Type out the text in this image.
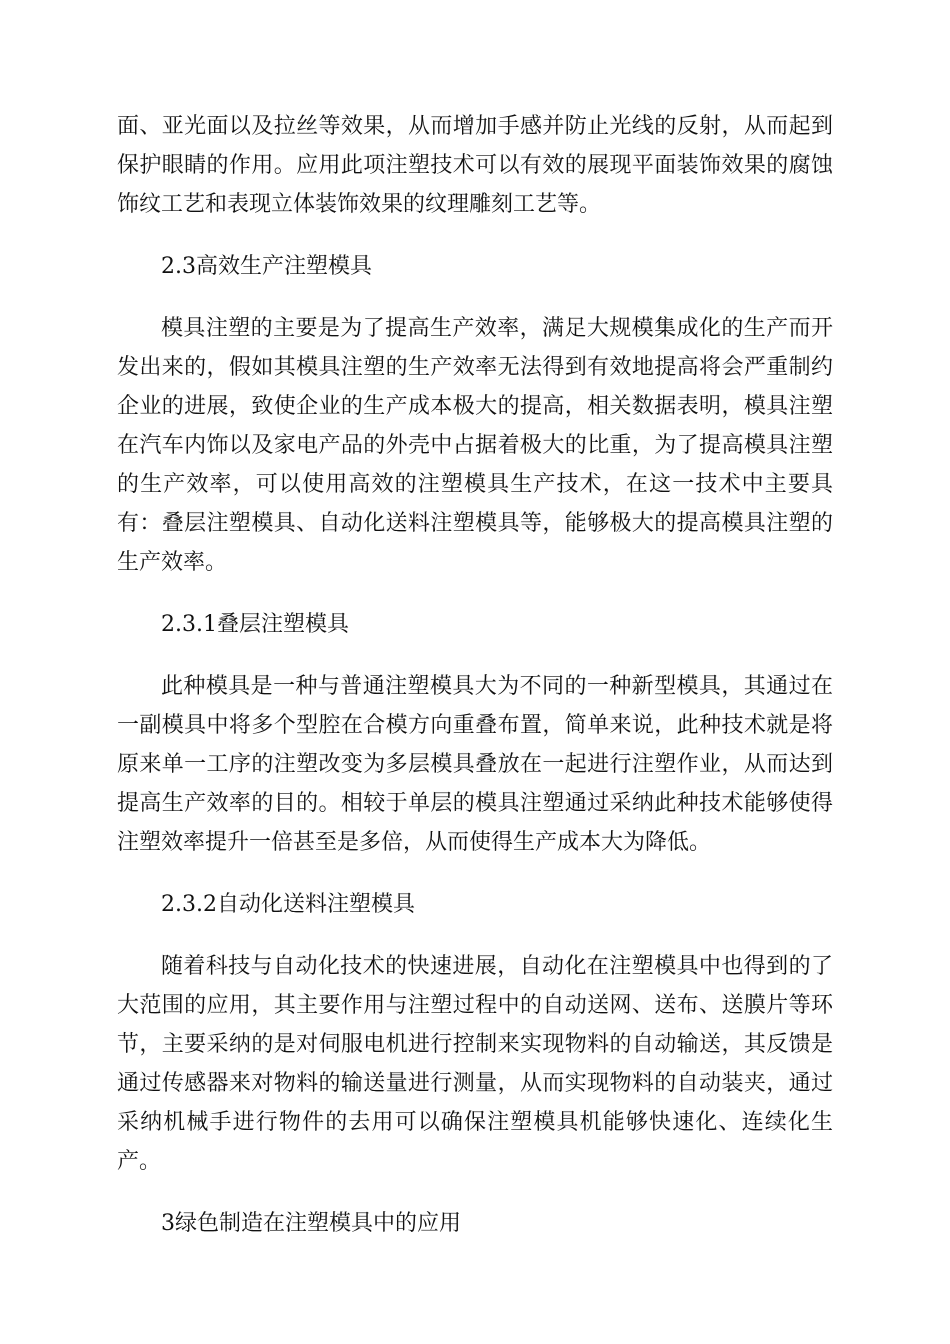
面、亚光面以及拉丝等效果，从而增加手感并防止光线的反射，从而起到
保护眼睛的作用。应用此项注塑技术可以有效的展现平面装饰效果的腐蚀
饰纹工艺和表现立体装饰效果的纹理雕刻工艺等。
2.3高效生产注塑模具
模具注塑的主要是为了提高生产效率，满足大规模集成化的生产而开
发出来的，假如其模具注塑的生产效率无法得到有效地提高将会严重制约
企业的进展，致使企业的生产成本极大的提高，相关数据表明，模具注塑
在汽车内饰以及家电产品的外壳中占据着极大的比重，为了提高模具注塑
的生产效率，可以使用高效的注塑模具生产技术，在这一技术中主要具
有：叠层注塑模具、自动化送料注塑模具等，能够极大的提高模具注塑的
生产效率。
2.3.1叠层注塑模具
此种模具是一种与普通注塑模具大为不同的一种新型模具，其通过在
一副模具中将多个型腔在合模方向重叠布置，简单来说，此种技术就是将
原来单一工序的注塑改变为多层模具叠放在一起进行注塑作业，从而达到
提高生产效率的目的。相较于单层的模具注塑通过采纳此种技术能够使得
注塑效率提升一倍甚至是多倍，从而使得生产成本大为降低。
2.3.2自动化送料注塑模具
随着科技与自动化技术的快速进展，自动化在注塑模具中也得到的了
大范围的应用，其主要作用与注塑过程中的自动送网、送布、送膜片等环
节，主要采纳的是对伺服电机进行控制来实现物料的自动输送，其反馈是
通过传感器来对物料的输送量进行测量，从而实现物料的自动装夹，通过
采纳机械手进行物件的去用可以确保注塑模具机能够快速化、连续化生
产。
3绿色制造在注塑模具中的应用
